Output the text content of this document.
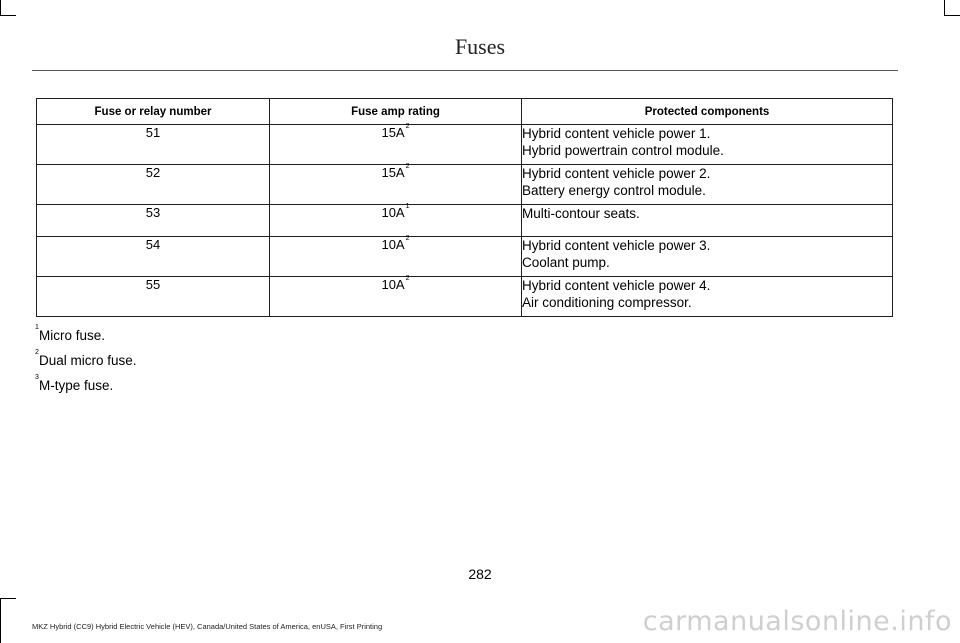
Fuses
Fuse or relay number	Fuse amp rating	Protected components
51	$15A^2$	Hybrid content vehicle power 1.
Hybrid powertrain control module.

52	$15A^2$	Hybrid content vehicle power 2.
Battery energy control module.

53	$10A^1$	Multi-contour seats.

54	$10A^2$	Hybrid content vehicle power 3.
Coolant pump.

55	$10A^2$	Hybrid content vehicle power 4.
Air conditioning compressor.
1
Micro fuse.
2
Dual micro fuse.
3
M-type fuse.
282
MKZ Hybrid (CC9) Hybrid Electric Vehicle (HEV), Canada/United States of America, enUSA, First Printing	carmanualsonline.info
